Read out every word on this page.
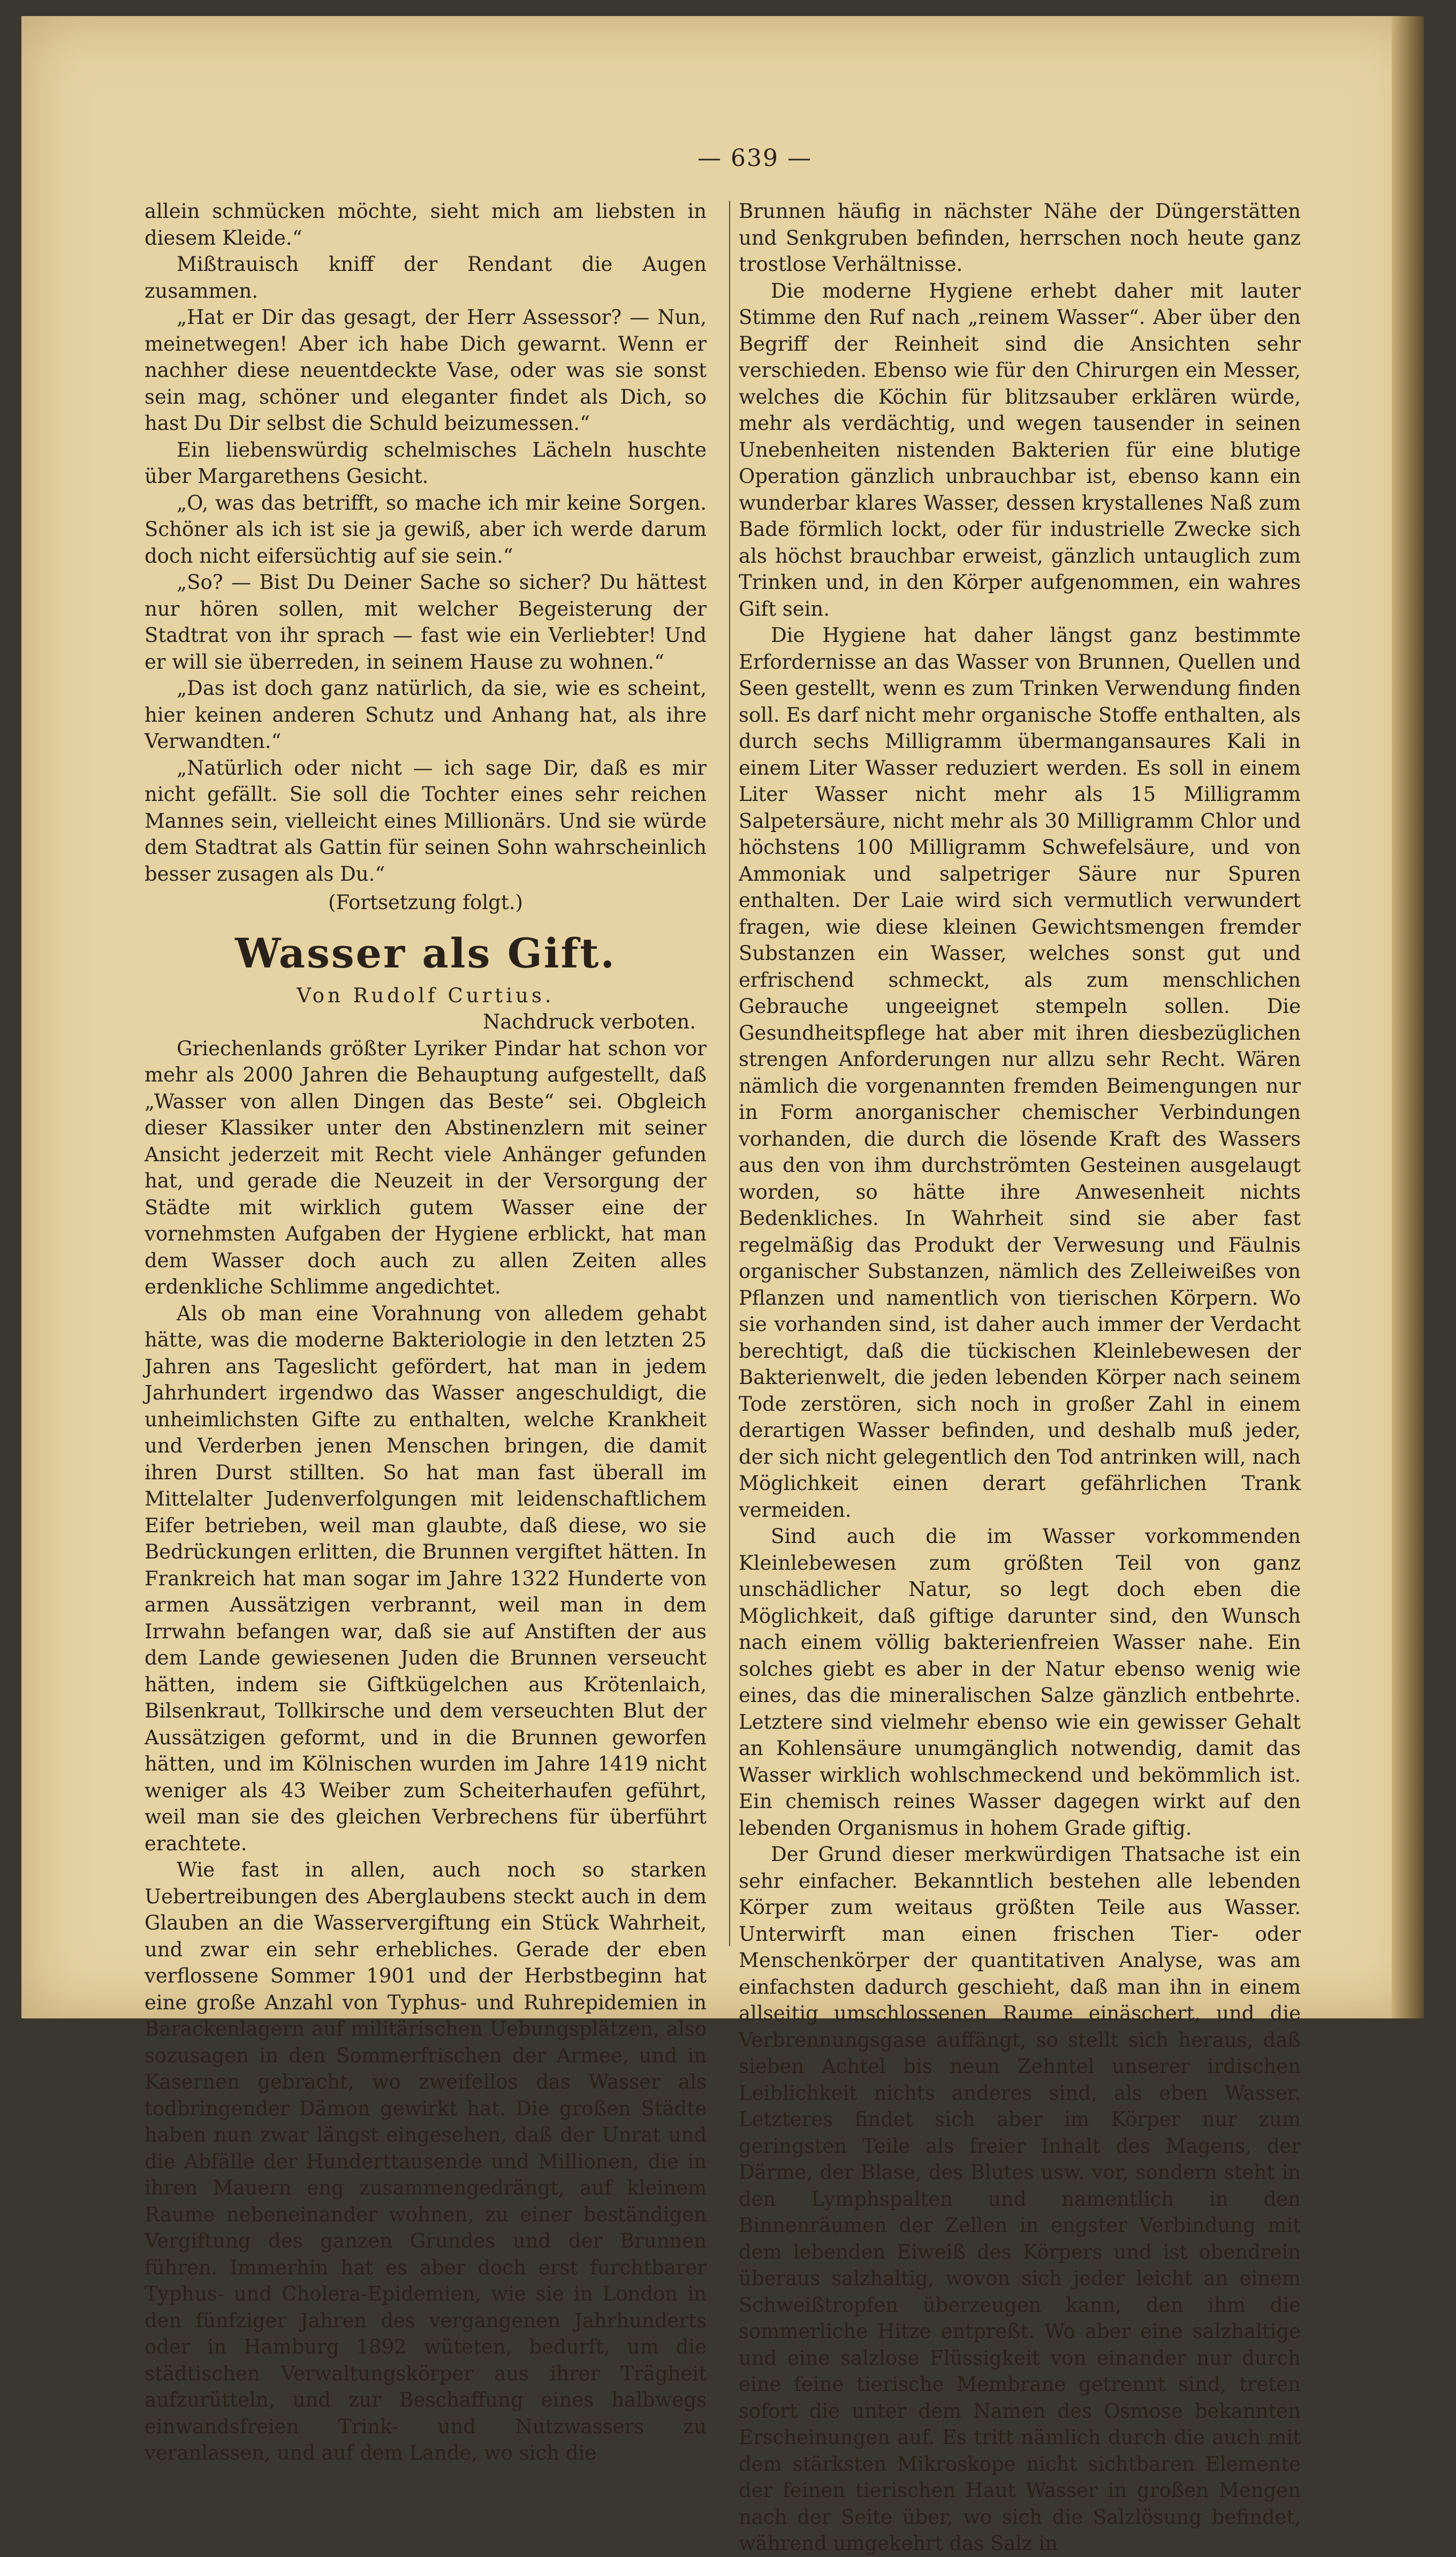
— 639 —

allein schmücken möchte, sieht mich am liebsten in diesem Kleide.“

Mißtrauisch kniff der Rendant die Augen zusammen.

„Hat er Dir das gesagt, der Herr Assessor? — Nun, meinetwegen! Aber ich habe Dich gewarnt. Wenn er nachher diese neuentdeckte Vase, oder was sie sonst sein mag, schöner und eleganter findet als Dich, so hast Du Dir selbst die Schuld beizumessen.“

Ein liebenswürdig schelmisches Lächeln huschte über Margarethens Gesicht.

„O, was das betrifft, so mache ich mir keine Sorgen. Schöner als ich ist sie ja gewiß, aber ich werde darum doch nicht eifersüchtig auf sie sein.“

„So? — Bist Du Deiner Sache so sicher? Du hättest nur hören sollen, mit welcher Begeisterung der Stadtrat von ihr sprach — fast wie ein Verliebter! Und er will sie überreden, in seinem Hause zu wohnen.“

„Das ist doch ganz natürlich, da sie, wie es scheint, hier keinen anderen Schutz und Anhang hat, als ihre Verwandten.“

„Natürlich oder nicht — ich sage Dir, daß es mir nicht gefällt. Sie soll die Tochter eines sehr reichen Mannes sein, vielleicht eines Millionärs. Und sie würde dem Stadtrat als Gattin für seinen Sohn wahrscheinlich besser zusagen als Du.“

(Fortsetzung folgt.)

Wasser als Gift.

Von Rudolf Curtius.

Nachdruck verboten.

Griechenlands größter Lyriker Pindar hat schon vor mehr als 2000 Jahren die Behauptung aufgestellt, daß „Wasser von allen Dingen das Beste“ sei. Obgleich dieser Klassiker unter den Abstinenzlern mit seiner Ansicht jederzeit mit Recht viele Anhänger gefunden hat, und gerade die Neuzeit in der Versorgung der Städte mit wirklich gutem Wasser eine der vornehmsten Aufgaben der Hygiene erblickt, hat man dem Wasser doch auch zu allen Zeiten alles erdenkliche Schlimme angedichtet.

Als ob man eine Vorahnung von alledem gehabt hätte, was die moderne Bakteriologie in den letzten 25 Jahren ans Tageslicht gefördert, hat man in jedem Jahrhundert irgendwo das Wasser angeschuldigt, die unheimlichsten Gifte zu enthalten, welche Krankheit und Verderben jenen Menschen bringen, die damit ihren Durst stillten. So hat man fast überall im Mittelalter Judenverfolgungen mit leidenschaftlichem Eifer betrieben, weil man glaubte, daß diese, wo sie Bedrückungen erlitten, die Brunnen vergiftet hätten. In Frankreich hat man sogar im Jahre 1322 Hunderte von armen Aussätzigen verbrannt, weil man in dem Irrwahn befangen war, daß sie auf Anstiften der aus dem Lande gewiesenen Juden die Brunnen verseucht hätten, indem sie Giftkügelchen aus Krötenlaich, Bilsenkraut, Tollkirsche und dem verseuchten Blut der Aussätzigen geformt, und in die Brunnen geworfen hätten, und im Kölnischen wurden im Jahre 1419 nicht weniger als 43 Weiber zum Scheiterhaufen geführt, weil man sie des gleichen Verbrechens für überführt erachtete.

Wie fast in allen, auch noch so starken Uebertreibungen des Aberglaubens steckt auch in dem Glauben an die Wasservergiftung ein Stück Wahrheit, und zwar ein sehr erhebliches. Gerade der eben verflossene Sommer 1901 und der Herbstbeginn hat eine große Anzahl von Typhus- und Ruhrepidemien in Barackenlagern auf militärischen Uebungsplätzen, also sozusagen in den Sommerfrischen der Armee, und in Kasernen gebracht, wo zweifellos das Wasser als todbringender Dämon gewirkt hat. Die großen Städte haben nun zwar längst eingesehen, daß der Unrat und die Abfälle der Hunderttausende und Millionen, die in ihren Mauern eng zusammengedrängt, auf kleinem Raume nebeneinander wohnen, zu einer beständigen Vergiftung des ganzen Grundes und der Brunnen führen. Immerhin hat es aber doch erst furchtbarer Typhus- und Cholera-Epidemien, wie sie in London in den fünfziger Jahren des vergangenen Jahrhunderts oder in Hamburg 1892 wüteten, bedurft, um die städtischen Verwaltungskörper aus ihrer Trägheit aufzurütteln, und zur Beschaffung eines halbwegs einwandsfreien Trink- und Nutzwassers zu veranlassen, und auf dem Lande, wo sich die

Brunnen häufig in nächster Nähe der Düngerstätten und Senkgruben befinden, herrschen noch heute ganz trostlose Verhältnisse.

Die moderne Hygiene erhebt daher mit lauter Stimme den Ruf nach „reinem Wasser“. Aber über den Begriff der Reinheit sind die Ansichten sehr verschieden. Ebenso wie für den Chirurgen ein Messer, welches die Köchin für blitzsauber erklären würde, mehr als verdächtig, und wegen tausender in seinen Unebenheiten nistenden Bakterien für eine blutige Operation gänzlich unbrauchbar ist, ebenso kann ein wunderbar klares Wasser, dessen krystallenes Naß zum Bade förmlich lockt, oder für industrielle Zwecke sich als höchst brauchbar erweist, gänzlich untauglich zum Trinken und, in den Körper aufgenommen, ein wahres Gift sein.

Die Hygiene hat daher längst ganz bestimmte Erfordernisse an das Wasser von Brunnen, Quellen und Seen gestellt, wenn es zum Trinken Verwendung finden soll. Es darf nicht mehr organische Stoffe enthalten, als durch sechs Milligramm übermangansaures Kali in einem Liter Wasser reduziert werden. Es soll in einem Liter Wasser nicht mehr als 15 Milligramm Salpetersäure, nicht mehr als 30 Milligramm Chlor und höchstens 100 Milligramm Schwefelsäure, und von Ammoniak und salpetriger Säure nur Spuren enthalten. Der Laie wird sich vermutlich verwundert fragen, wie diese kleinen Gewichtsmengen fremder Substanzen ein Wasser, welches sonst gut und erfrischend schmeckt, als zum menschlichen Gebrauche ungeeignet stempeln sollen. Die Gesundheitspflege hat aber mit ihren diesbezüglichen strengen Anforderungen nur allzu sehr Recht. Wären nämlich die vorgenannten fremden Beimengungen nur in Form anorganischer chemischer Verbindungen vorhanden, die durch die lösende Kraft des Wassers aus den von ihm durchströmten Gesteinen ausgelaugt worden, so hätte ihre Anwesenheit nichts Bedenkliches. In Wahrheit sind sie aber fast regelmäßig das Produkt der Verwesung und Fäulnis organischer Substanzen, nämlich des Zelleiweißes von Pflanzen und namentlich von tierischen Körpern. Wo sie vorhanden sind, ist daher auch immer der Verdacht berechtigt, daß die tückischen Kleinlebewesen der Bakterienwelt, die jeden lebenden Körper nach seinem Tode zerstören, sich noch in großer Zahl in einem derartigen Wasser befinden, und deshalb muß jeder, der sich nicht gelegentlich den Tod antrinken will, nach Möglichkeit einen derart gefährlichen Trank vermeiden.

Sind auch die im Wasser vorkommenden Kleinlebewesen zum größten Teil von ganz unschädlicher Natur, so legt doch eben die Möglichkeit, daß giftige darunter sind, den Wunsch nach einem völlig bakterienfreien Wasser nahe. Ein solches giebt es aber in der Natur ebenso wenig wie eines, das die mineralischen Salze gänzlich entbehrte. Letztere sind vielmehr ebenso wie ein gewisser Gehalt an Kohlensäure unumgänglich notwendig, damit das Wasser wirklich wohlschmeckend und bekömmlich ist. Ein chemisch reines Wasser dagegen wirkt auf den lebenden Organismus in hohem Grade giftig.

Der Grund dieser merkwürdigen Thatsache ist ein sehr einfacher. Bekanntlich bestehen alle lebenden Körper zum weitaus größten Teile aus Wasser. Unterwirft man einen frischen Tier- oder Menschenkörper der quantitativen Analyse, was am einfachsten dadurch geschieht, daß man ihn in einem allseitig umschlossenen Raume einäschert, und die Verbrennungsgase auffängt, so stellt sich heraus, daß sieben Achtel bis neun Zehntel unserer irdischen Leiblichkeit nichts anderes sind, als eben Wasser. Letzteres findet sich aber im Körper nur zum geringsten Teile als freier Inhalt des Magens, der Därme, der Blase, des Blutes usw. vor, sondern steht in den Lymphspalten und namentlich in den Binnenräumen der Zellen in engster Verbindung mit dem lebenden Eiweiß des Körpers und ist obendrein überaus salzhaltig, wovon sich jeder leicht an einem Schweißtropfen überzeugen kann, den ihm die sommerliche Hitze entpreßt. Wo aber eine salzhaltige und eine salzlose Flüssigkeit von einander nur durch eine feine tierische Membrane getrennt sind, treten sofort die unter dem Namen des Osmose bekannten Erscheinungen auf. Es tritt nämlich durch die auch mit dem stärksten Mikroskope nicht sichtbaren Elemente der feinen tierischen Haut Wasser in großen Mengen nach der Seite über, wo sich die Salzlösung befindet, während umgekehrt das Salz in
